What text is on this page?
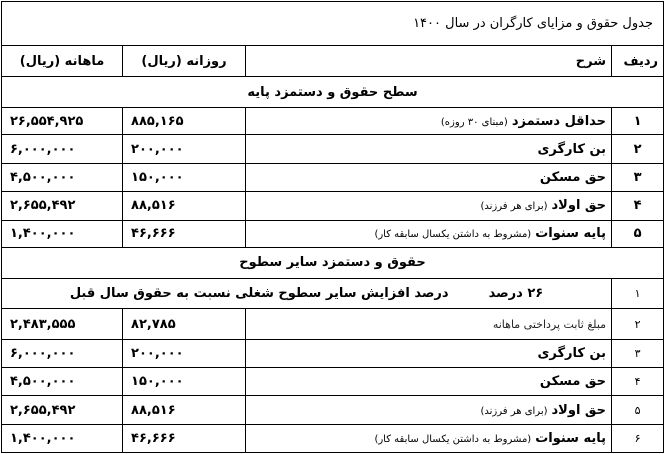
جدول حقوق و مزایای کارگران در سال ۱۴۰۰			
ردیف	شرح	روزانه (ریال)	ماهانه (ریال)
سطح حقوق و دستمزد پایه			
۱	حداقل دستمزد(مبنای ۳۰ روزه)	۸۸۵,۱۶۵	۲۶,۵۵۴,۹۲۵
۲	بن کارگری	۲۰۰,۰۰۰	۶,۰۰۰,۰۰۰
۳	حق مسکن	۱۵۰,۰۰۰	۴,۵۰۰,۰۰۰
۴	حق اولاد(برای هر فرزند)	۸۸,۵۱۶	۲,۶۵۵,۴۹۲
۵	پایه سنوات(مشروط به داشتن یکسال سابقه کار)	۴۶,۶۶۶	۱,۴۰۰,۰۰۰
حقوق و دستمزد سایر سطوح			
۱	۲۶ درصددرصد افزایش سایر سطوح شغلی نسبت به حقوق سال قبل		
۲	مبلغ ثابت پرداختی ماهانه	۸۲,۷۸۵	۲,۴۸۳,۵۵۵
۳	بن کارگری	۲۰۰,۰۰۰	۶,۰۰۰,۰۰۰
۴	حق مسکن	۱۵۰,۰۰۰	۴,۵۰۰,۰۰۰
۵	حق اولاد(برای هر فرزند)	۸۸,۵۱۶	۲,۶۵۵,۴۹۲
۶	پایه سنوات(مشروط به داشتن یکسال سابقه کار)	۴۶,۶۶۶	۱,۴۰۰,۰۰۰
